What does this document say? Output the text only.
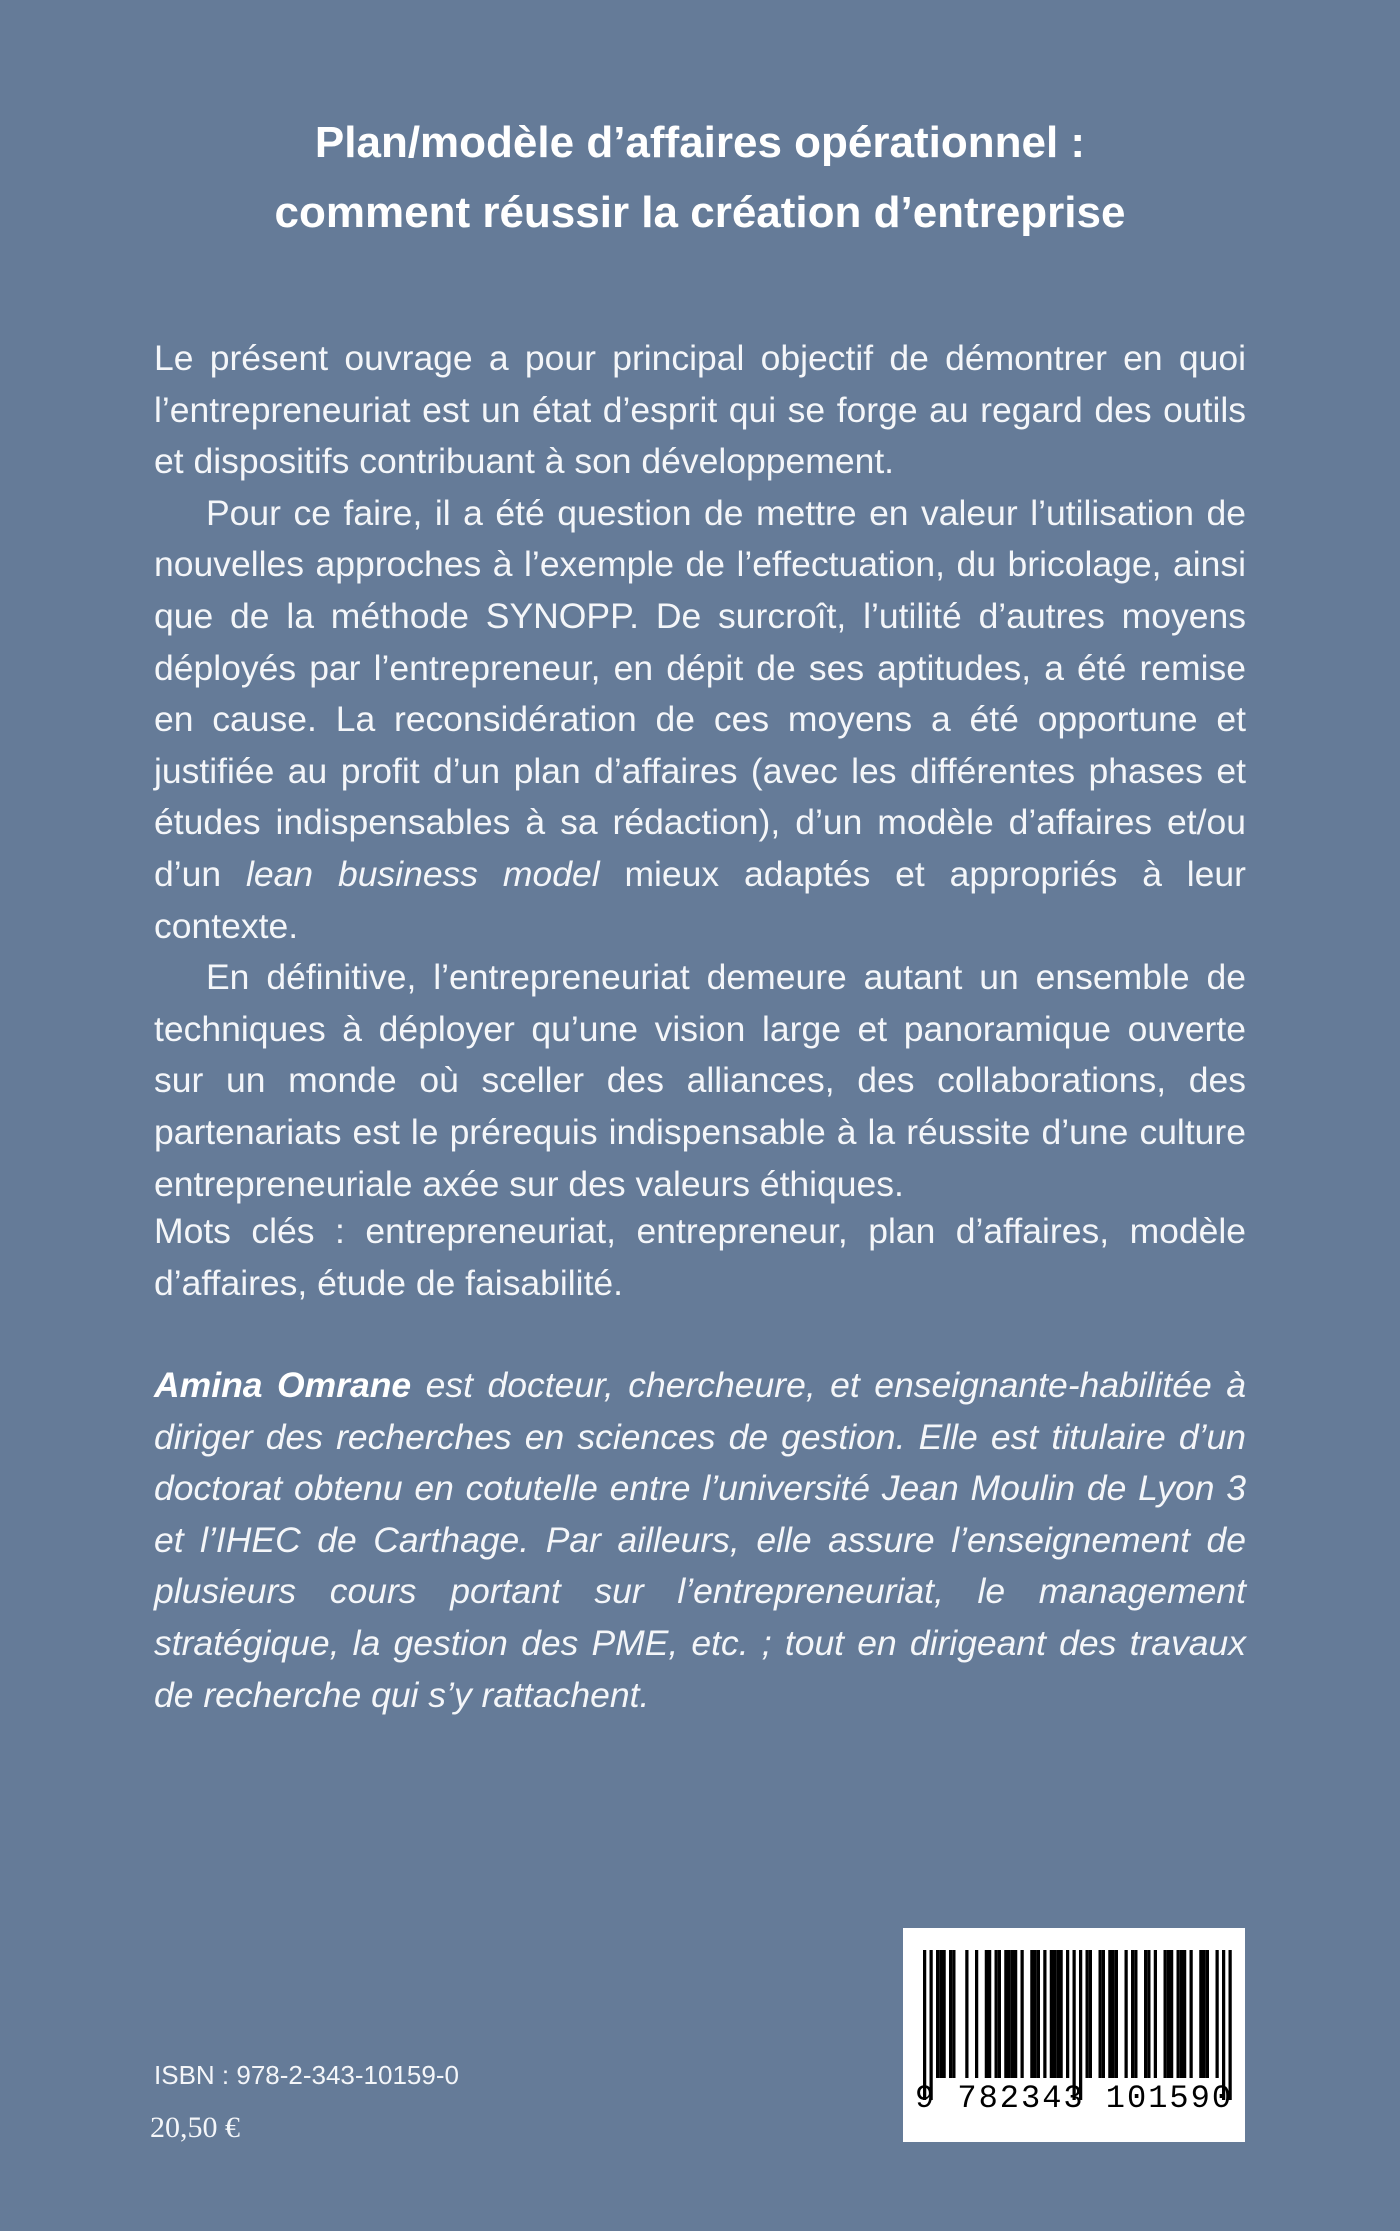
Plan/modèle d’affaires opérationnel :
comment réussir la création d’entreprise

Le présent ouvrage a pour principal objectif de démontrer en quoi l’entrepreneuriat est un état d’esprit qui se forge au regard des outils et dispositifs contribuant à son développement.

Pour ce faire, il a été question de mettre en valeur l’utilisation de nouvelles approches à l’exemple de l’effectuation, du bricolage, ainsi que de la méthode SYNOPP. De surcroît, l’utilité d’autres moyens déployés par l’entrepreneur, en dépit de ses aptitudes, a été remise en cause. La reconsidération de ces moyens a été opportune et justifiée au profit d’un plan d’affaires (avec les différentes phases et études indispensables à sa rédaction), d’un modèle d’affaires et/ou d’un lean business model mieux adaptés et appropriés à leur contexte.

En définitive, l’entrepreneuriat demeure autant un ensemble de techniques à déployer qu’une vision large et panoramique ouverte sur un monde où sceller des alliances, des collaborations, des partenariats est le prérequis indispensable à la réussite d’une culture entrepreneuriale axée sur des valeurs éthiques.

Mots clés : entrepreneuriat, entrepreneur, plan d’affaires, modèle d’affaires, étude de faisabilité.

Amina Omrane est docteur, chercheure, et enseignante-habilitée à diriger des recherches en sciences de gestion. Elle est titulaire d’un doctorat obtenu en cotutelle entre l’université Jean Moulin de Lyon 3 et l’IHEC de Carthage. Par ailleurs, elle assure l’enseignement de plusieurs cours portant sur l’entrepreneuriat, le management stratégique, la gestion des PME, etc. ; tout en dirigeant des travaux de recherche qui s’y rattachent.

ISBN : 978-2-343-10159-0
20,50 €
9 782343 101590
